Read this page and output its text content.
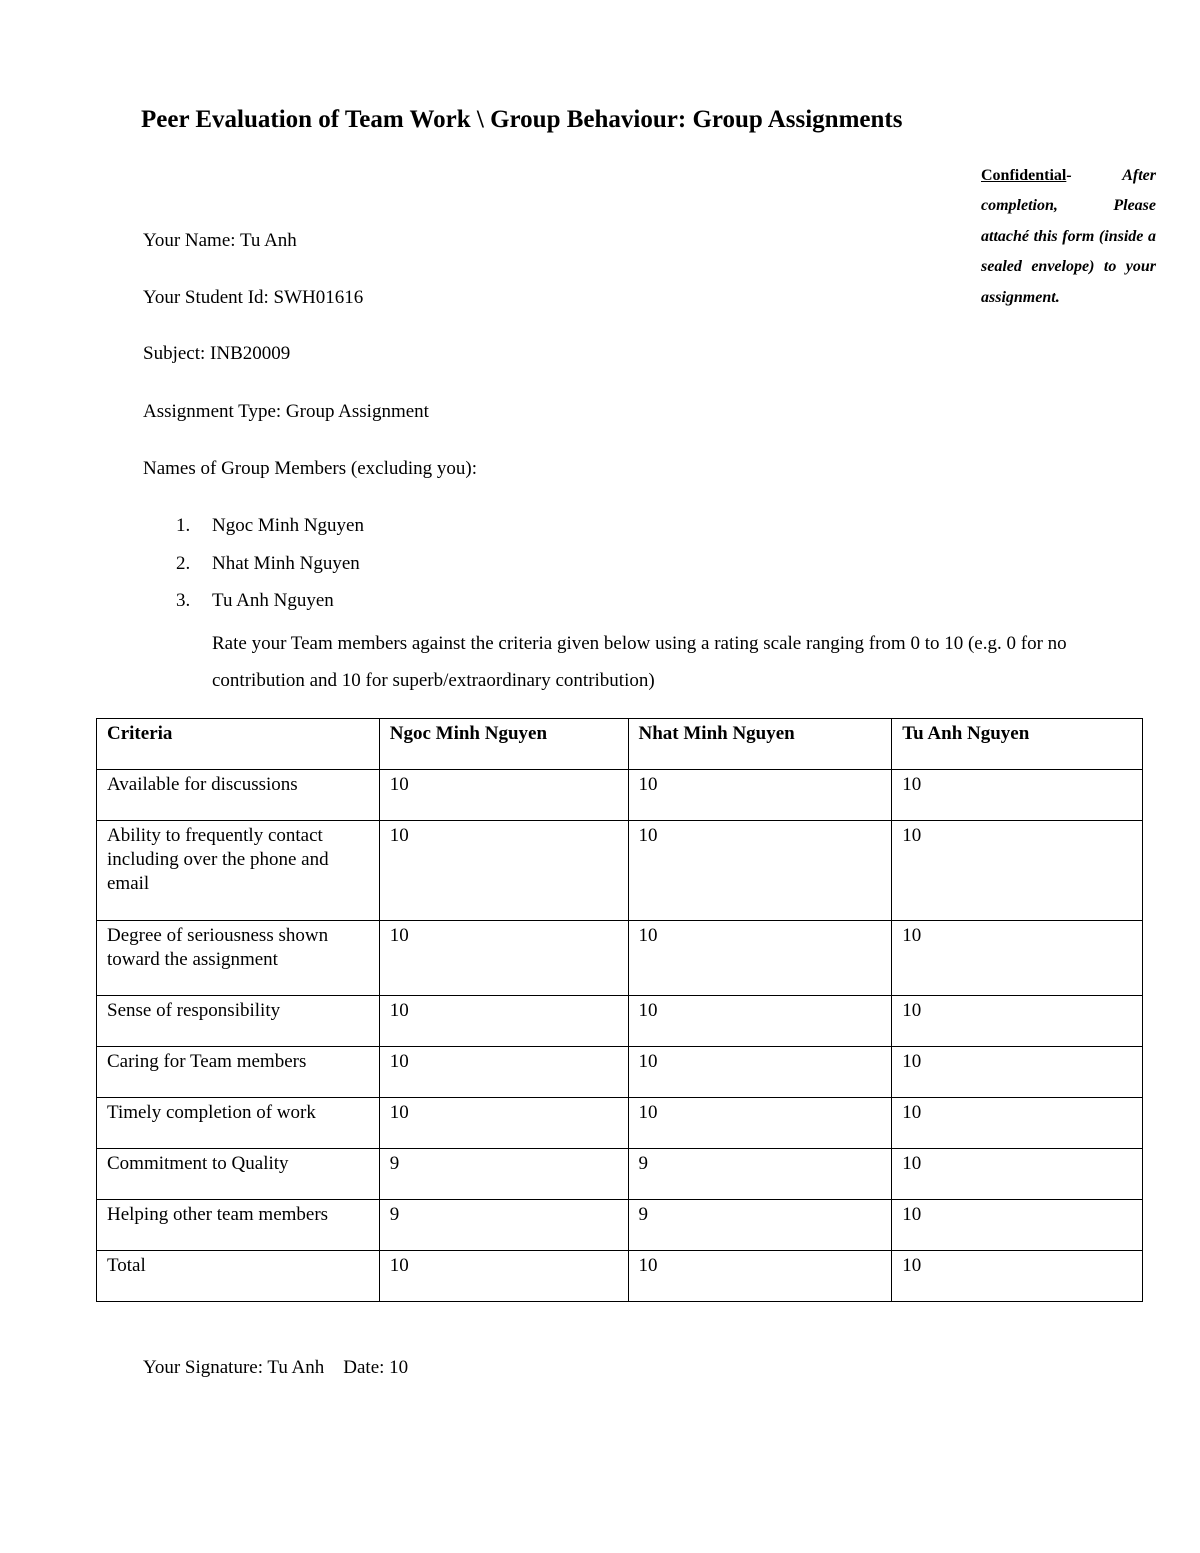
Peer Evaluation of Team Work \ Group Behaviour: Group Assignments
Confidential- After completion, Please attaché this form (inside a sealed envelope) to your assignment.
Your Name: Tu Anh
Your Student Id: SWH01616
Subject: INB20009
Assignment Type: Group Assignment
Names of Group Members (excluding you):
1. Ngoc Minh Nguyen
2. Nhat Minh Nguyen
3. Tu Anh Nguyen
Rate your Team members against the criteria given below using a rating scale ranging from 0 to 10 (e.g. 0 for no contribution and 10 for superb/extraordinary contribution)
Criteria	Ngoc Minh Nguyen	Nhat Minh Nguyen	Tu Anh Nguyen
Available for discussions	10	10	10
Ability to frequently contact including over the phone and email	10	10	10
Degree of seriousness shown toward the assignment	10	10	10
Sense of responsibility	10	10	10
Caring for Team members	10	10	10
Timely completion of work	10	10	10
Commitment to Quality	9	9	10
Helping other team members	9	9	10
Total	10	10	10
Your Signature: Tu Anh Date: 10
